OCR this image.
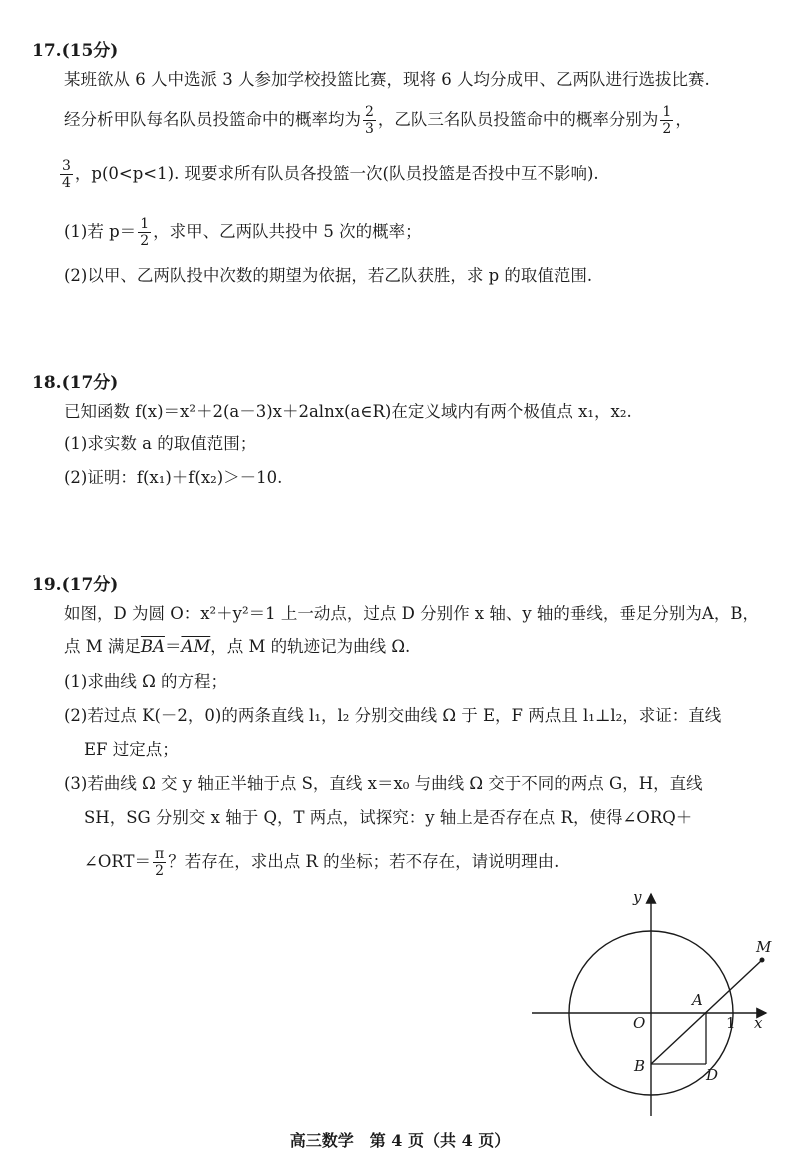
17.(15分)
某班欲从 6 人中选派 3 人参加学校投篮比赛，现将 6 人均分成甲、乙两队进行选拔比赛.
经分析甲队每名队员投篮命中的概率均为 $\frac{2}{3}$ ，乙队三名队员投篮命中的概率分别为 $\frac{1}{2}$ ，
$\frac{3}{4}$ ，p(0<p<1). 现要求所有队员各投篮一次(队员投篮是否投中互不影响).
(1)若 $p= \frac{1}{2}$ ，求甲、乙两队共投中 5 次的概率；
(2)以甲、乙两队投中次数的期望为依据，若乙队获胜，求 p 的取值范围.
18.(17分)
已知函数 f(x)＝x²＋2(a－3)x＋2alnx(a∈R)在定义域内有两个极值点 x₁，x₂.
(1)求实数 a 的取值范围；
(2)证明：f(x₁)＋f(x₂)＞－10.
19.(17分)
如图，D 为圆 O：x²＋y²＝1 上一动点，过点 D 分别作 x 轴、y 轴的垂线，垂足分别为A，B，
点 M 满足$\overline{BA}=\overline{AM}$，点 M 的轨迹记为曲线 Ω.
(1)求曲线 Ω 的方程；
(2)若过点 K(－2，0)的两条直线 l₁，l₂ 分别交曲线 Ω 于 E，F 两点且 l₁⊥l₂，求证：直线
EF 过定点；
(3)若曲线 Ω 交 y 轴正半轴于点 S，直线 x＝x₀ 与曲线 Ω 交于不同的两点 G，H，直线
SH，SG 分别交 x 轴于 Q，T 两点，试探究：y 轴上是否存在点 R，使得∠ORQ＋
∠ORT＝ $\frac{\pi}{2}$ ？若存在，求出点 R 的坐标；若不存在，请说明理由.
y
x
M
A
O	1
B	D
高三数学　第 4 页（共 4 页）
